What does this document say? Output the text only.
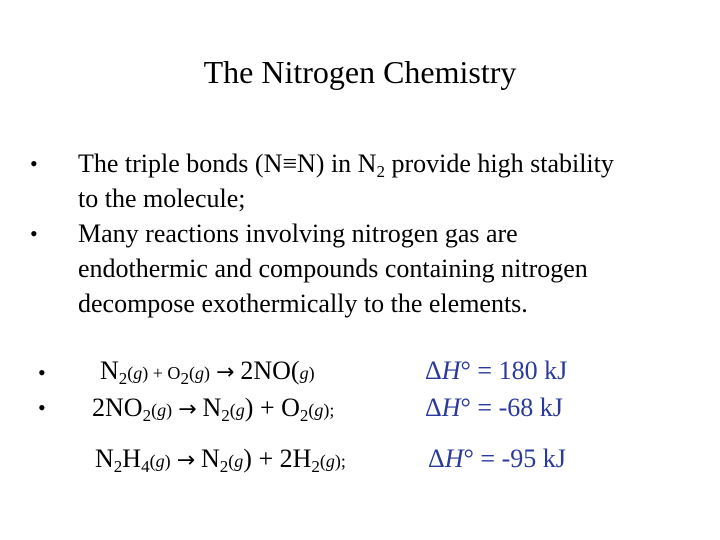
The Nitrogen Chemistry
•	The triple bonds (N≡N) in $N_2$ provide high stability
to the molecule;
•	Many reactions involving nitrogen gas are
endothermic and compounds containing nitrogen
decompose exothermically to the elements.
• $N_2(g) + O_2(g) \to 2NO(g)$	ΔH° = 180 kJ
• $2NO_2(g) \to N_2(g) + O_2(g)$;	ΔH° = -68 kJ
$N_2H_4(g) \to N_2(g) + 2H_2(g)$;	ΔH° = -95 kJ
